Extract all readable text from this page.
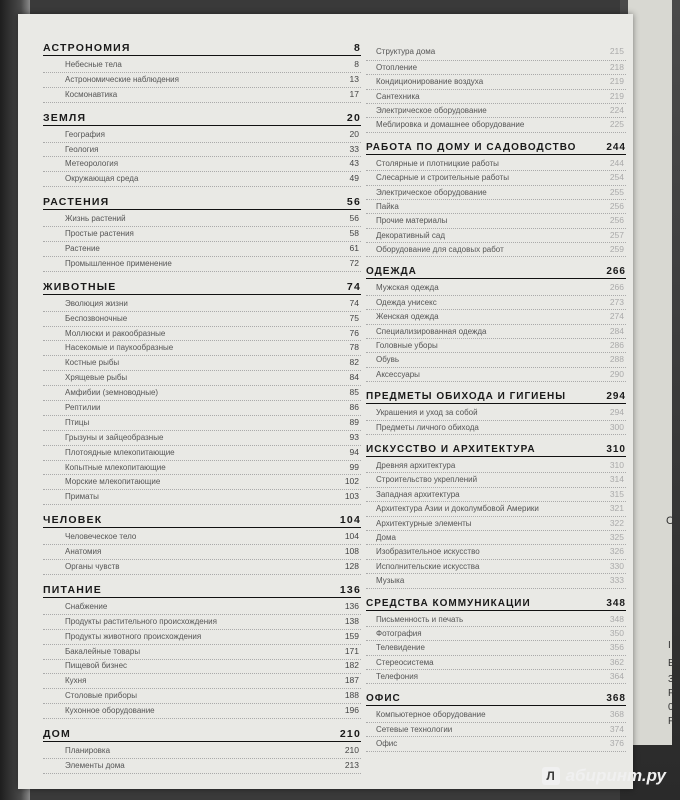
С
I
Ε
3
Ρ
0
P
АСТРОНОМИЯ	8
Небесные тела	8
Астрономические наблюдения	13
Космонавтика	17
ЗЕМЛЯ	20
География	20
Геология	33
Метеорология	43
Окружающая среда	49
РАСТЕНИЯ	56
Жизнь растений	56
Простые растения	58
Растение	61
Промышленное применение	72
ЖИВОТНЫЕ	74
Эволюция жизни	74
Беспозвоночные	75
Моллюски и ракообразные	76
Насекомые и паукообразные	78
Костные рыбы	82
Хрящевые рыбы	84
Амфибии (земноводные)	85
Рептилии	86
Птицы	89
Грызуны и зайцеобразные	93
Плотоядные млекопитающие	94
Копытные млекопитающие	99
Морские млекопитающие	102
Приматы	103
ЧЕЛОВЕК	104
Человеческое тело	104
Анатомия	108
Органы чувств	128
ПИТАНИЕ	136
Снабжение	136
Продукты растительного происхождения	138
Продукты животного происхождения	159
Бакалейные товары	171
Пищевой бизнес	182
Кухня	187
Столовые приборы	188
Кухонное оборудование	196
ДОМ	210
Планировка	210
Элементы дома	213
Структура дома	215
Отопление	218
Кондиционирование воздуха	219
Сантехника	219
Электрическое оборудование	224
Меблировка и домашнее оборудование	225
РАБОТА ПО ДОМУ И САДОВОДСТВО	244
Столярные и плотницкие работы	244
Слесарные и строительные работы	254
Электрическое оборудование	255
Пайка	256
Прочие материалы	256
Декоративный сад	257
Оборудование для садовых работ	259
ОДЕЖДА	266
Мужская одежда	266
Одежда унисекс	273
Женская одежда	274
Специализированная одежда	284
Головные уборы	286
Обувь	288
Аксессуары	290
ПРЕДМЕТЫ ОБИХОДА И ГИГИЕНЫ	294
Украшения и уход за собой	294
Предметы личного обихода	300
ИСКУССТВО И АРХИТЕКТУРА	310
Древняя архитектура	310
Строительство укреплений	314
Западная архитектура	315
Архитектура Азии и доколумбовой Америки	321
Архитектурные элементы	322
Дома	325
Изобразительное искусство	326
Исполнительские искусства	330
Музыка	333
СРЕДСТВА КОММУНИКАЦИИ	348
Письменность и печать	348
Фотография	350
Телевидение	356
Стереосистема	362
Телефония	364
ОФИС	368
Компьютерное оборудование	368
Сетевые технологии	374
Офис	376
Л абиринт.ру
